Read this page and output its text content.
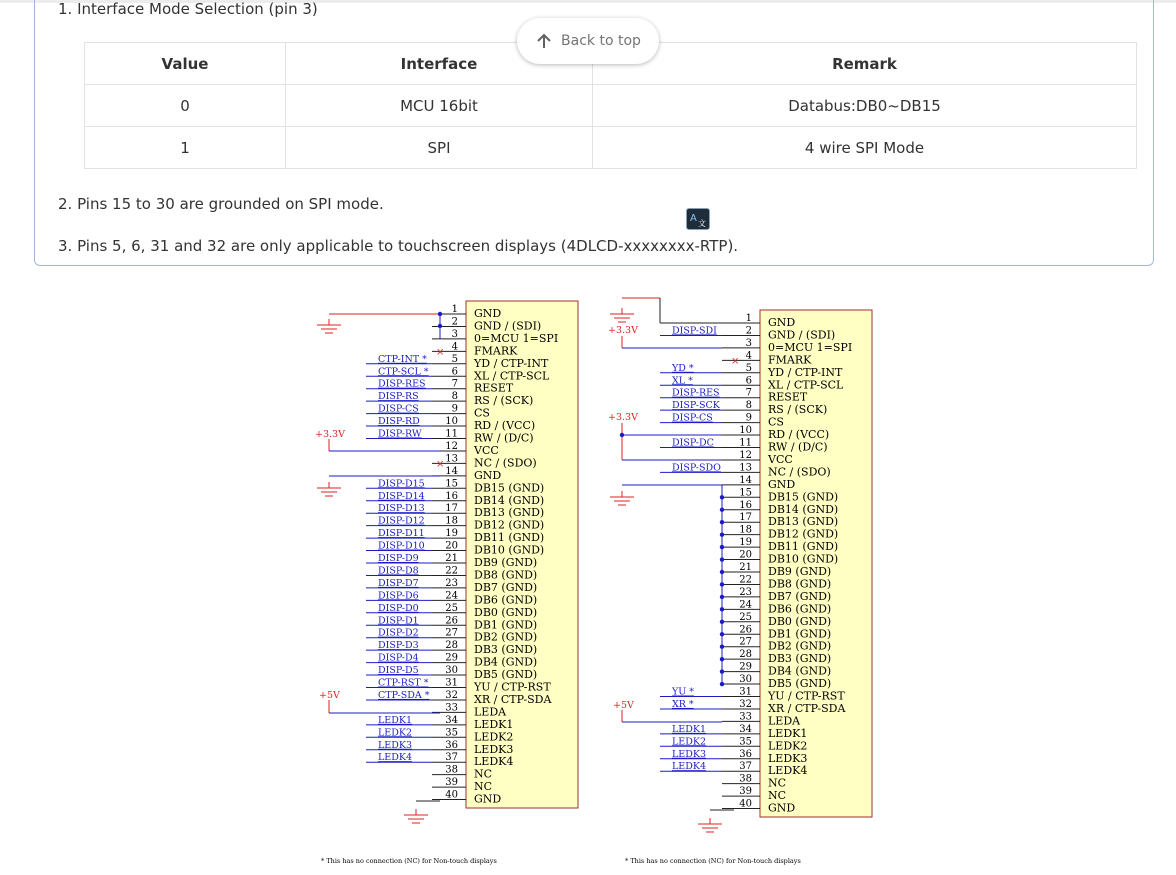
1. Interface Mode Selection (pin 3)
Value	Interface	Remark
0	MCU 16bit	Databus:DB0~DB15
1	SPI	4 wire SPI Mode
Back to top
2. Pins 15 to 30 are grounded on SPI mode.
A 文
3. Pins 5, 6, 31 and 32 are only applicable to touchscreen displays (4DLCD-xxxxxxxx-RTP).
1 GND
2 GND / (SDI)
3 0=MCU 1=SPI
4 FMARK
5 YD / CTP-INT
6 XL / CTP-SCL
7 RESET
8 RS / (SCK)
9 CS
10 RD / (VCC)
11 RW / (D/C)
12 VCC
13 NC / (SDO)
14 GND
15 DB15 (GND)
16 DB14 (GND)
17 DB13 (GND)
18 DB12 (GND)
19 DB11 (GND)
20 DB10 (GND)
21 DB9 (GND)
22 DB8 (GND)
23 DB7 (GND)
24 DB6 (GND)
25 DB0 (GND)
26 DB1 (GND)
27 DB2 (GND)
28 DB3 (GND)
29 DB4 (GND)
30 DB5 (GND)
31 YU / CTP-RST
32 XR / CTP-SDA
33 LEDA
34 LEDK1
35 LEDK2
36 LEDK3
37 LEDK4
38 NC
39 NC
40 GND
CTP-INT *
CTP-SCL *
DISP-RES
DISP-RS
DISP-CS
DISP-RD
DISP-RW
DISP-D15
DISP-D14
DISP-D13
DISP-D12
DISP-D11
DISP-D10
DISP-D9
DISP-D8
DISP-D7
DISP-D6
DISP-D0
DISP-D1
DISP-D2
DISP-D3
DISP-D4
DISP-D5
CTP-RST *
CTP-SDA *
LEDK1
LEDK2
LEDK3
LEDK4
* This has no connection (NC) for Non-touch displays
+3.3V
+5V
×
×
1 GND
2 GND / (SDI)
3 0=MCU 1=SPI
4 FMARK
5 YD / CTP-INT
6 XL / CTP-SCL
7 RESET
8 RS / (SCK)
9 CS
10 RD / (VCC)
11 RW / (D/C)
12 VCC
13 NC / (SDO)
14 GND
15 DB15 (GND)
16 DB14 (GND)
17 DB13 (GND)
18 DB12 (GND)
19 DB11 (GND)
20 DB10 (GND)
21 DB9 (GND)
22 DB8 (GND)
23 DB7 (GND)
24 DB6 (GND)
25 DB0 (GND)
26 DB1 (GND)
27 DB2 (GND)
28 DB3 (GND)
29 DB4 (GND)
30 DB5 (GND)
31 YU / CTP-RST
32 XR / CTP-SDA
33 LEDA
34 LEDK1
35 LEDK2
36 LEDK3
37 LEDK4
38 NC
39 NC
40 GND
DISP-SDI
YD *
XL *
DISP-RES
DISP-SCK
DISP-CS
DISP-DC
DISP-SDO
YU *
XR *
LEDK1
LEDK2
LEDK3
LEDK4
* This has no connection (NC) for Non-touch displays
+3.3V
+3.3V
+5V
×
